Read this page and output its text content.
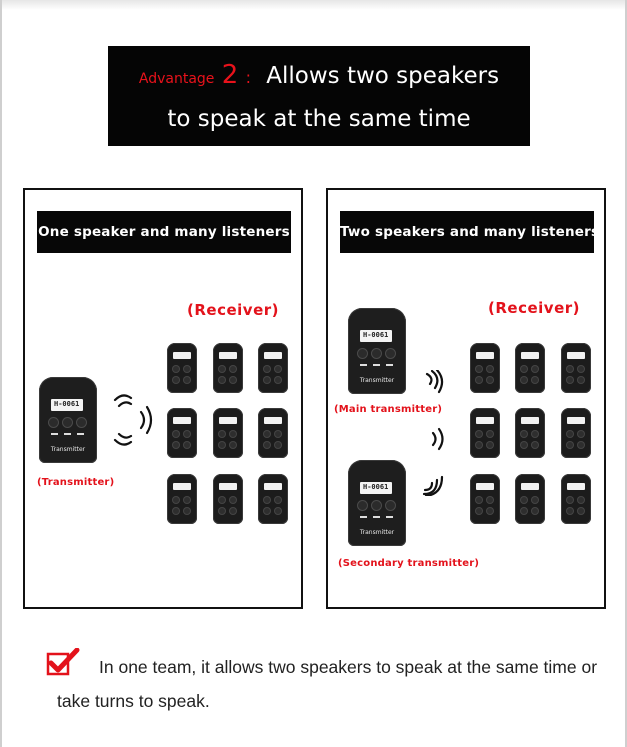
Advantage 2 : Allows two speakers
to speak at the same time
One speaker and many listeners
(Receiver)
H-0061
Transmitter
(Transmitter)
Two speakers and many listeners
(Receiver)
H-0061
Transmitter
(Main transmitter)
H-0061
Transmitter
(Secondary transmitter)
In one team, it allows two speakers to speak at the same time or take turns to speak.
